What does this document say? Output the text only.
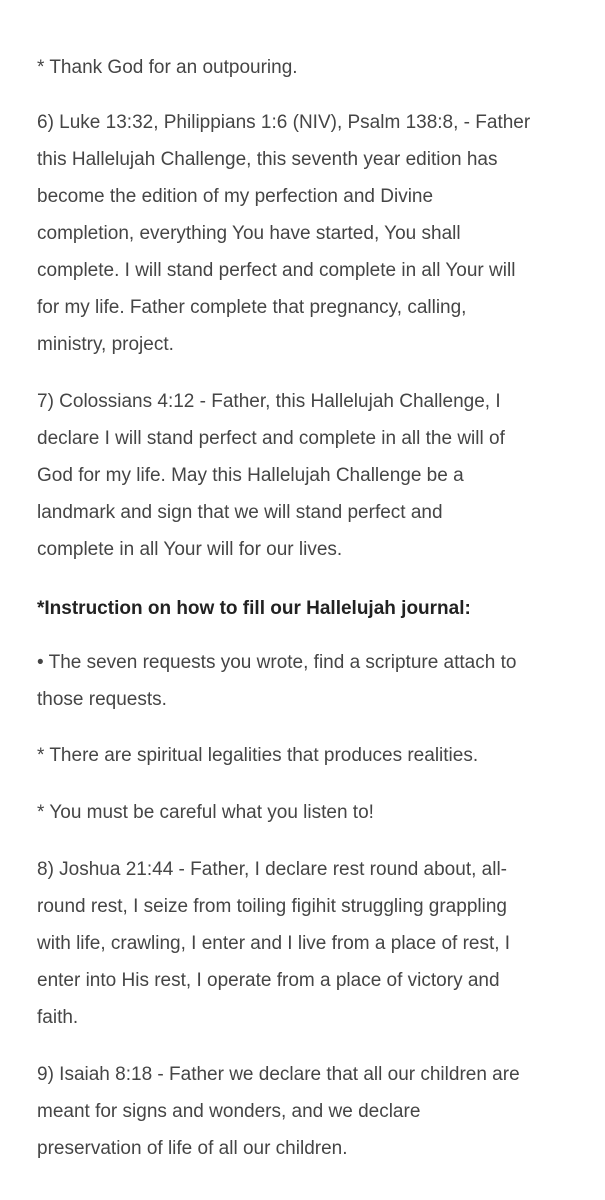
* Thank God for an outpouring.
6) Luke 13:32, Philippians 1:6 (NIV), Psalm 138:8, - Father
this Hallelujah Challenge, this seventh year edition has
become the edition of my perfection and Divine
completion, everything You have started, You shall
complete. I will stand perfect and complete in all Your will
for my life. Father complete that pregnancy, calling,
ministry, project.
7) Colossians 4:12 - Father, this Hallelujah Challenge, I
declare I will stand perfect and complete in all the will of
God for my life. May this Hallelujah Challenge be a
landmark and sign that we will stand perfect and
complete in all Your will for our lives.
*Instruction on how to fill our Hallelujah journal:
• The seven requests you wrote, find a scripture attach to
those requests.
* There are spiritual legalities that produces realities.
* You must be careful what you listen to!
8) Joshua 21:44 - Father, I declare rest round about, all-
round rest, I seize from toiling figihit struggling grappling
with life, crawling, I enter and I live from a place of rest, I
enter into His rest, I operate from a place of victory and
faith.
9) Isaiah 8:18 - Father we declare that all our children are
meant for signs and wonders, and we declare
preservation of life of all our children.
